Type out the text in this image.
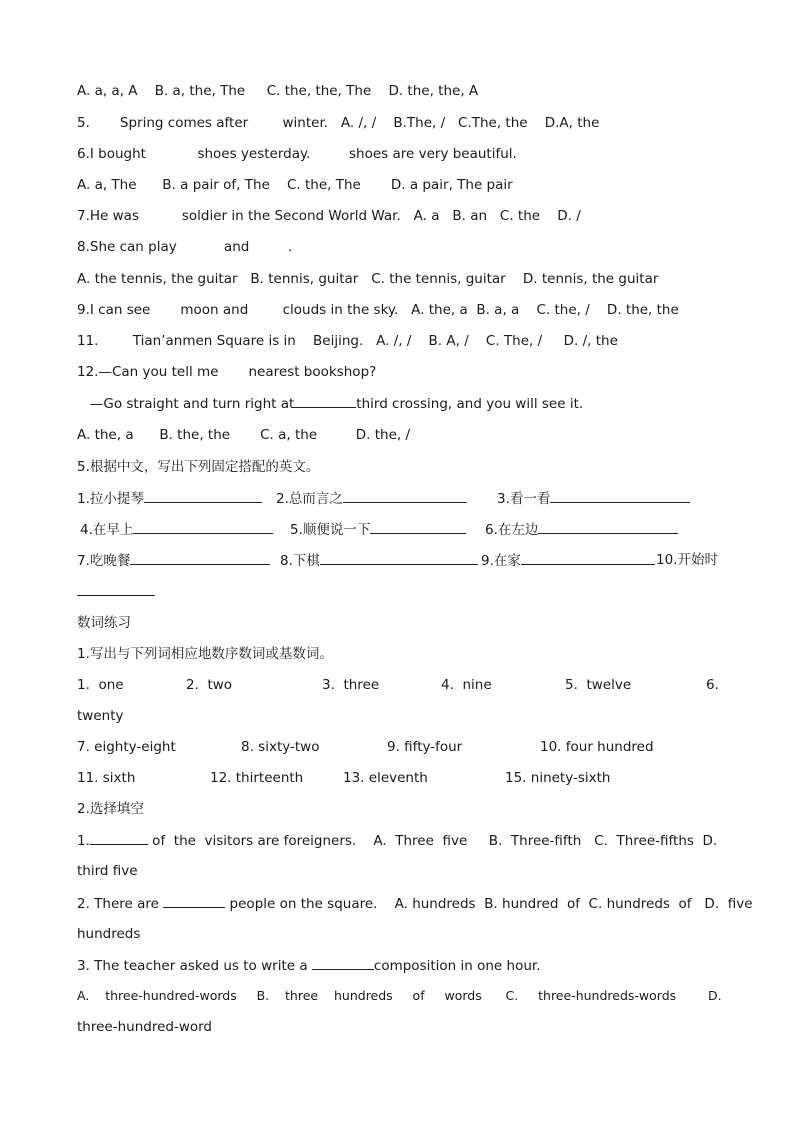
A. a, a, A    B. a, the, The     C. the, the, The    D. the, the, A
5.       Spring comes after        winter.   A. /, /    B.The, /   C.The, the    D.A, the
6.I bought            shoes yesterday.         shoes are very beautiful.
A. a, The      B. a pair of, The    C. the, The       D. a pair, The pair
7.He was          soldier in the Second World War.   A. a   B. an   C. the    D. /
8.She can play           and         .
A. the tennis, the guitar   B. tennis, guitar   C. the tennis, guitar    D. tennis, the guitar
9.I can see       moon and        clouds in the sky.   A. the, a  B. a, a    C. the, /    D. the, the
11.        Tian’anmen Square is in    Beijing.   A. /, /    B. A, /    C. The, /     D. /, the
12.—Can you tell me       nearest bookshop?
—Go straight and turn right at	third crossing, and you will see it.
A. the, a      B. the, the       C. a, the         D. the, /
5.根据中文，写出下列固定搭配的英文。
1.拉小提琴	2.总而言之	3.看一看
4.在早上	5.顺便说一下	6.在左边
7.吃晚餐	8.下棋	9.在家	10.开始时
数词练习
1.写出与下列词相应地数序数词或基数词。
1.  one	2.  two	3.  three	4.  nine	5.  twelve	6.
twenty
7. eighty-eight	8. sixty-two	9. fifty-four	10. four hundred
11. sixth	12. thirteenth	13. eleventh	15. ninety-sixth
2.选择填空
1.	of  the  visitors are foreigners.    A.  Three  five     B.  Three-fifth   C.  Three-fifths  D.
third five
2. There are	people on the square.    A. hundreds  B. hundred  of  C. hundreds  of   D.  five
hundreds
3. The teacher asked us to write a	composition in one hour.
A.    three-hundred-words     B.    three    hundreds     of     words      C.     three-hundreds-words        D.
three-hundred-word
